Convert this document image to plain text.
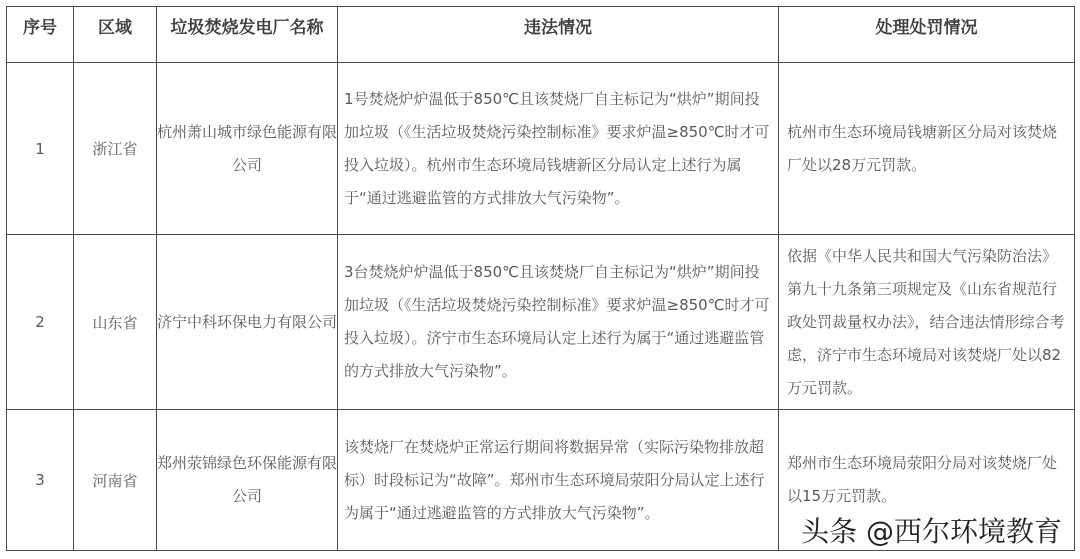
序号	区域	垃圾焚烧发电厂名称	违法情况	处理处罚情况
1	浙江省	杭州萧山城市绿色能源有限公司	1号焚烧炉炉温低于850℃且该焚烧厂自主标记为“烘炉”期间投加垃圾（《生活垃圾焚烧污染控制标准》要求炉温≥850℃时才可投入垃圾）。杭州市生态环境局钱塘新区分局认定上述行为属于“通过逃避监管的方式排放大气污染物”。	杭州市生态环境局钱塘新区分局对该焚烧厂处以28万元罚款。
2	山东省	济宁中科环保电力有限公司	3台焚烧炉炉温低于850℃且该焚烧厂自主标记为“烘炉”期间投加垃圾（《生活垃圾焚烧污染控制标准》要求炉温≥850℃时才可投入垃圾）。济宁市生态环境局认定上述行为属于“通过逃避监管的方式排放大气污染物”。	依据《中华人民共和国大气污染防治法》第九十九条第三项规定及《山东省规范行政处罚裁量权办法》，结合违法情形综合考虑，济宁市生态环境局对该焚烧厂处以82万元罚款。
3	河南省	郑州荥锦绿色环保能源有限公司	该焚烧厂在焚烧炉正常运行期间将数据异常（实际污染物排放超标）时段标记为“故障”。郑州市生态环境局荥阳分局认定上述行为属于“通过逃避监管的方式排放大气污染物”。	郑州市生态环境局荥阳分局对该焚烧厂处以15万元罚款。
头条 @西尔环境教育
